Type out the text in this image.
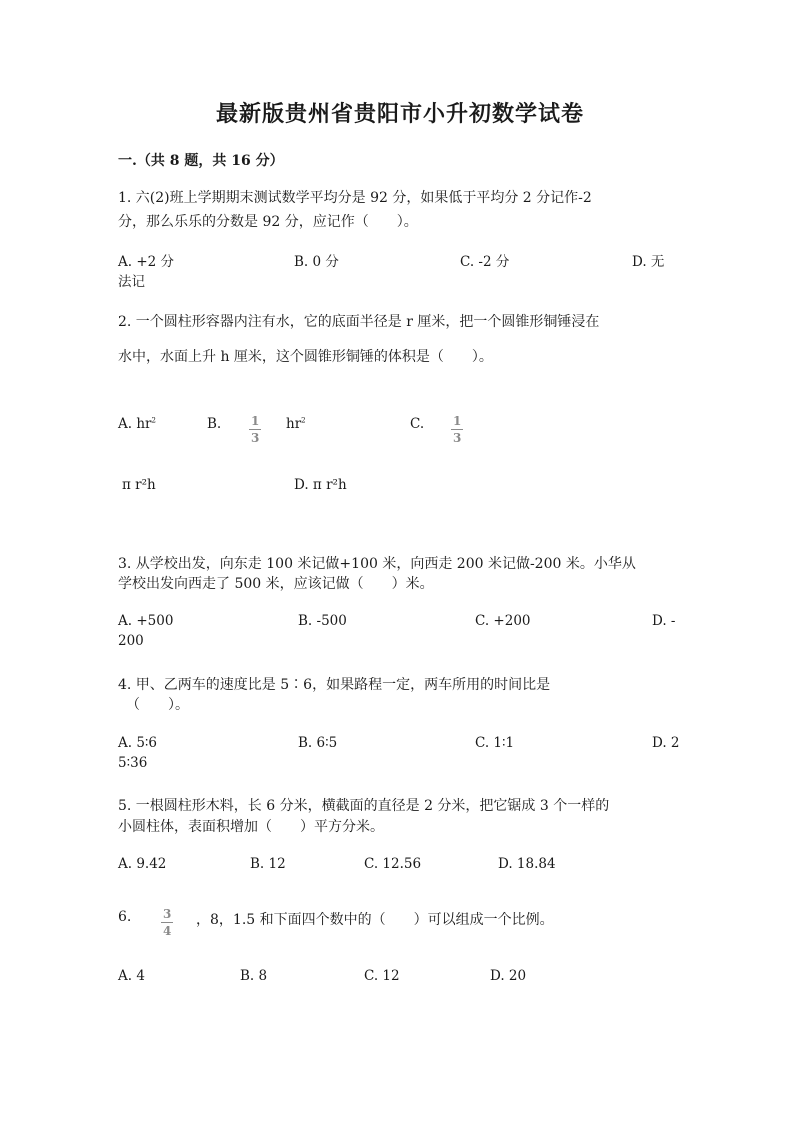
最新版贵州省贵阳市小升初数学试卷
一.（共 8 题，共 16 分）
1. 六(2)班上学期期末测试数学平均分是 92 分，如果低于平均分 2 分记作-2
分，那么乐乐的分数是 92 分，应记作（　　）。
A. +2 分	B. 0 分	C. -2 分	D. 无
法记
2. 一个圆柱形容器内注有水，它的底面半径是 r 厘米，把一个圆锥形铜锤浸在
水中，水面上升 h 厘米，这个圆锥形铜锤的体积是（　　）。
A. $hr^2$	B. $\frac{1}{3} hr^2$	C. $\frac{1}{3}$
π r²h	D. π r²h
3. 从学校出发，向东走 100 米记做+100 米，向西走 200 米记做-200 米。小华从
学校出发向西走了 500 米，应该记做（　　）米。
A. +500	B. -500	C. +200	D. -
200
4. 甲、乙两车的速度比是 5∶6，如果路程一定，两车所用的时间比是
（　　）。
A. 5∶6	B. 6∶5	C. 1∶1	D. 2
5∶36
5. 一根圆柱形木料，长 6 分米，横截面的直径是 2 分米，把它锯成 3 个一样的
小圆柱体，表面积增加（　　）平方分米。
A. 9.42	B. 12	C. 12.56	D. 18.84
6. $\frac{3}{4}$ ，8，1.5 和下面四个数中的（　　）可以组成一个比例。
A. 4	B. 8	C. 12	D. 20
